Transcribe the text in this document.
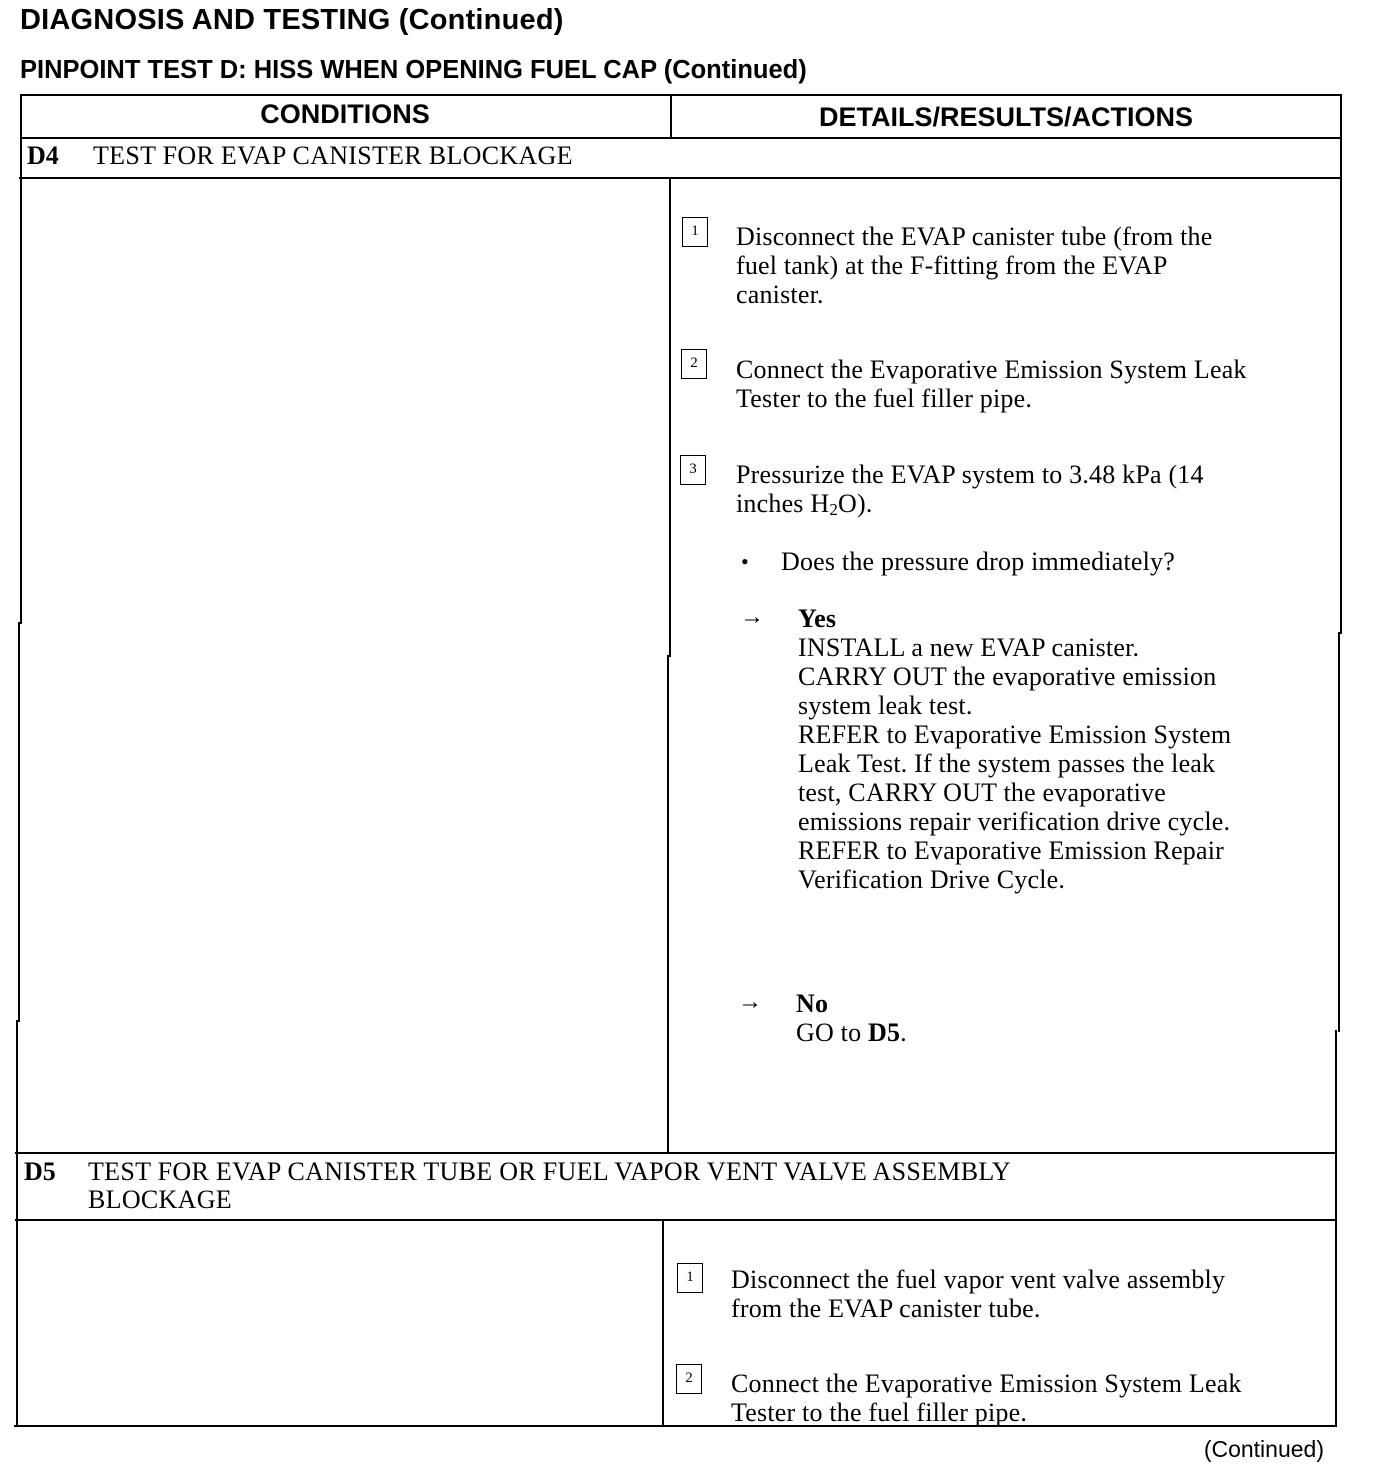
DIAGNOSIS AND TESTING (Continued)
PINPOINT TEST D: HISS WHEN OPENING FUEL CAP (Continued)
CONDITIONS	DETAILS/RESULTS/ACTIONS
D4 TEST FOR EVAP CANISTER BLOCKAGE
1	Disconnect the EVAP canister tube (from the
fuel tank) at the F-fitting from the EVAP
canister.
2	Connect the Evaporative Emission System Leak
Tester to the fuel filler pipe.
3	Pressurize the EVAP system to 3.48 kPa (14
inches $H_2O$).
• Does the pressure drop immediately?
→ Yes
INSTALL a new EVAP canister.
CARRY OUT the evaporative emission
system leak test.
REFER to Evaporative Emission System
Leak Test. If the system passes the leak
test, CARRY OUT the evaporative
emissions repair verification drive cycle.
REFER to Evaporative Emission Repair
Verification Drive Cycle.
→ No
GO to D5.
D5 TEST FOR EVAP CANISTER TUBE OR FUEL VAPOR VENT VALVE ASSEMBLY
BLOCKAGE
1	Disconnect the fuel vapor vent valve assembly
from the EVAP canister tube.
2	Connect the Evaporative Emission System Leak
Tester to the fuel filler pipe.
(Continued)
